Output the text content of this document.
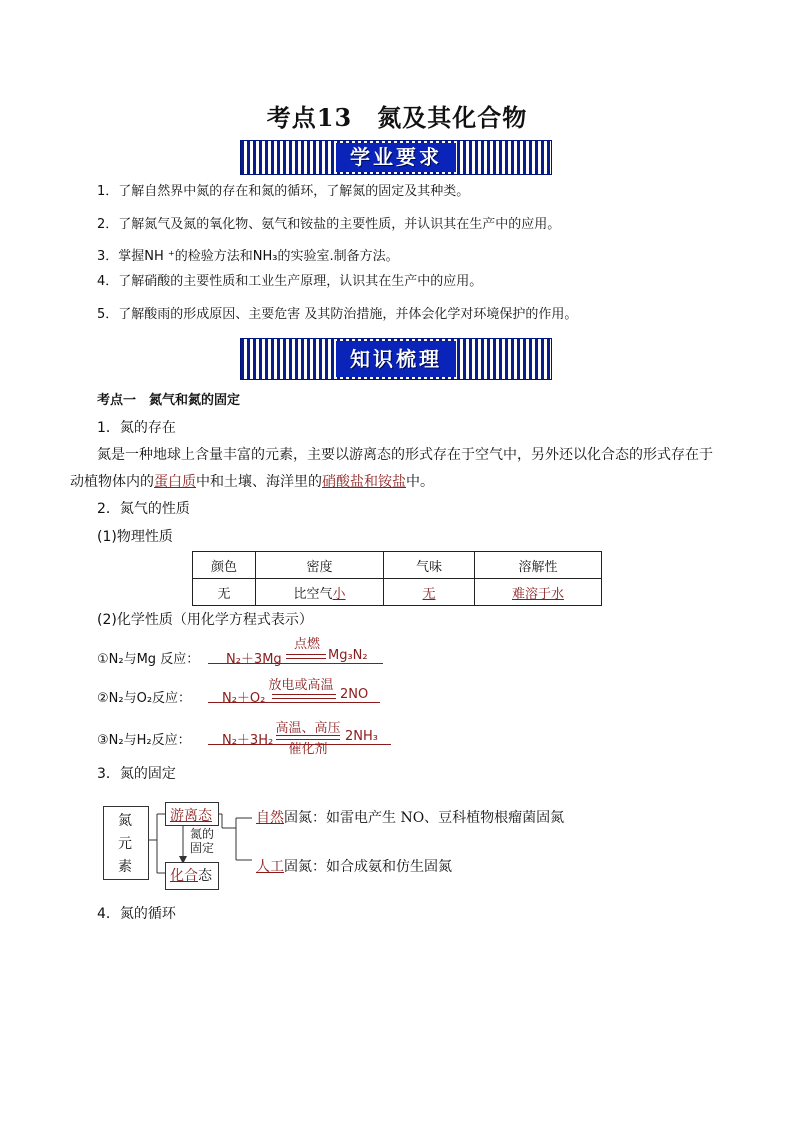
考点13　氮及其化合物
学业要求
1．了解自然界中氮的存在和氮的循环，了解氮的固定及其种类。
2．了解氮气及氮的氧化物、氨气和铵盐的主要性质，并认识其在生产中的应用。
3．掌握NH ⁺的检验方法和NH₃的实验室.制备方法。
4．了解硝酸的主要性质和工业生产原理，认识其在生产中的应用。
5．了解酸雨的形成原因、主要危害 及其防治措施，并体会化学对环境保护的作用。
知识梳理
考点一　氮气和氮的固定
1．氮的存在
氮是一种地球上含量丰富的元素，主要以游离态的形式存在于空气中，另外还以化合态的形式存在于
动植物体内的蛋白质中和土壤、海洋里的硝酸盐和铵盐中。
2．氮气的性质
(1)物理性质
颜色	密度	气味	溶解性
无	比空气小	无	难溶于水
(2)化学性质（用化学方程式表示）
①N₂与Mg 反应： N₂＋3Mg
点燃
Mg₃N₂
②N₂与O₂反应： N₂＋O₂
放电或高温
2NO
③N₂与H₂反应： N₂＋3H₂
高温、高压
催化剂
2NH₃
3．氮的固定
氮
元
素
游离态
氮的
固定
化合态
自然固氮：如雷电产生 NO、豆科植物根瘤菌固氮
人工固氮：如合成氨和仿生固氮
4．氮的循环
